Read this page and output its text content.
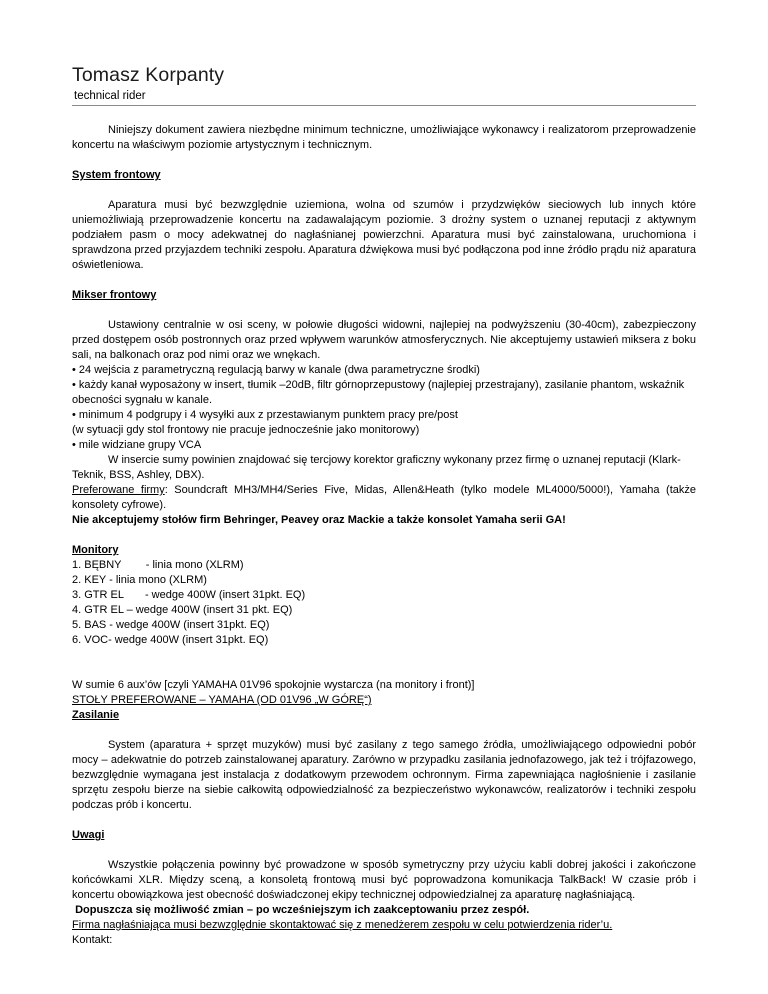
Tomasz Korpanty
technical rider

Niniejszy dokument zawiera niezbędne minimum techniczne, umożliwiające wykonawcy i realizatorom przeprowadzenie koncertu na właściwym poziomie artystycznym i technicznym.

System frontowy

Aparatura musi być bezwzględnie uziemiona, wolna od szumów i przydzwięków sieciowych lub innych które uniemożliwiają przeprowadzenie koncertu na zadawalającym poziomie. 3 drożny system o uznanej reputacji z aktywnym podziałem pasm o mocy adekwatnej do nagłaśnianej powierzchni. Aparatura musi być zainstalowana, uruchomiona i sprawdzona przed przyjazdem techniki zespołu. Aparatura dźwiękowa musi być podłączona pod inne źródło prądu niż aparatura oświetleniowa.

Mikser frontowy

Ustawiony centralnie w osi sceny, w połowie długości widowni, najlepiej na podwyższeniu (30-40cm), zabezpieczony przed dostępem osób postronnych oraz przed wpływem warunków atmosferycznych. Nie akceptujemy ustawień miksera z boku sali, na balkonach oraz pod nimi oraz we wnękach.

• 24 wejścia z parametryczną regulacją barwy w kanale (dwa parametryczne środki)
• każdy kanał wyposażony w insert, tłumik –20dB, filtr górnoprzepustowy (najlepiej przestrajany), zasilanie phantom, wskaźnik obecności sygnału w kanale.
• minimum 4 podgrupy i 4 wysyłki aux z przestawianym punktem pracy pre/post
(w sytuacji gdy stol frontowy nie pracuje jednocześnie jako monitorowy)
• mile widziane grupy VCA

W insercie sumy powinien znajdować się tercjowy korektor graficzny wykonany przez firmę o uznanej reputacji (Klark-Teknik, BSS, Ashley, DBX).

Preferowane firmy: Soundcraft MH3/MH4/Series Five, Midas, Allen&Heath (tylko modele ML4000/5000!), Yamaha (także konsolety cyfrowe).

Nie akceptujemy stołów firm Behringer, Peavey oraz Mackie a także konsolet Yamaha serii GA!

Monitory

1. BĘBNY        - linia mono (XLRM)
2. KEY - linia mono (XLRM)
3. GTR EL       - wedge 400W (insert 31pkt. EQ)
4. GTR EL – wedge 400W (insert 31 pkt. EQ)
5. BAS - wedge 400W (insert 31pkt. EQ)
6. VOC- wedge 400W (insert 31pkt. EQ)

W sumie 6 aux’ów [czyli YAMAHA 01V96 spokojnie wystarcza (na monitory i front)]

STOŁY PREFEROWANE – YAMAHA (OD 01V96 „W GÓRĘ“)

Zasilanie

System (aparatura + sprzęt muzyków) musi być zasilany z tego samego źródła, umożliwiającego odpowiedni pobór mocy – adekwatnie do potrzeb zainstalowanej aparatury. Zarówno w przypadku zasilania jednofazowego, jak też i trójfazowego, bezwzględnie wymagana jest instalacja z dodatkowym przewodem ochronnym. Firma zapewniająca nagłośnienie i zasilanie sprzętu zespołu bierze na siebie całkowitą odpowiedzialność za bezpieczeństwo wykonawców, realizatorów i techniki zespołu podczas prób i koncertu.

Uwagi

Wszystkie połączenia powinny być prowadzone w sposób symetryczny przy użyciu kabli dobrej jakości i zakończone końcówkami XLR. Między sceną, a konsoletą frontową musi być poprowadzona komunikacja TalkBack! W czasie prób i koncertu obowiązkowa jest obecność doświadczonej ekipy technicznej odpowiedzialnej za aparaturę nagłaśniającą.

Dopuszcza się możliwość zmian – po wcześniejszym ich zaakceptowaniu przez zespół.

Firma nagłaśniająca musi bezwzględnie skontaktować się z menedżerem zespołu w celu potwierdzenia rider’u.

Kontakt:
